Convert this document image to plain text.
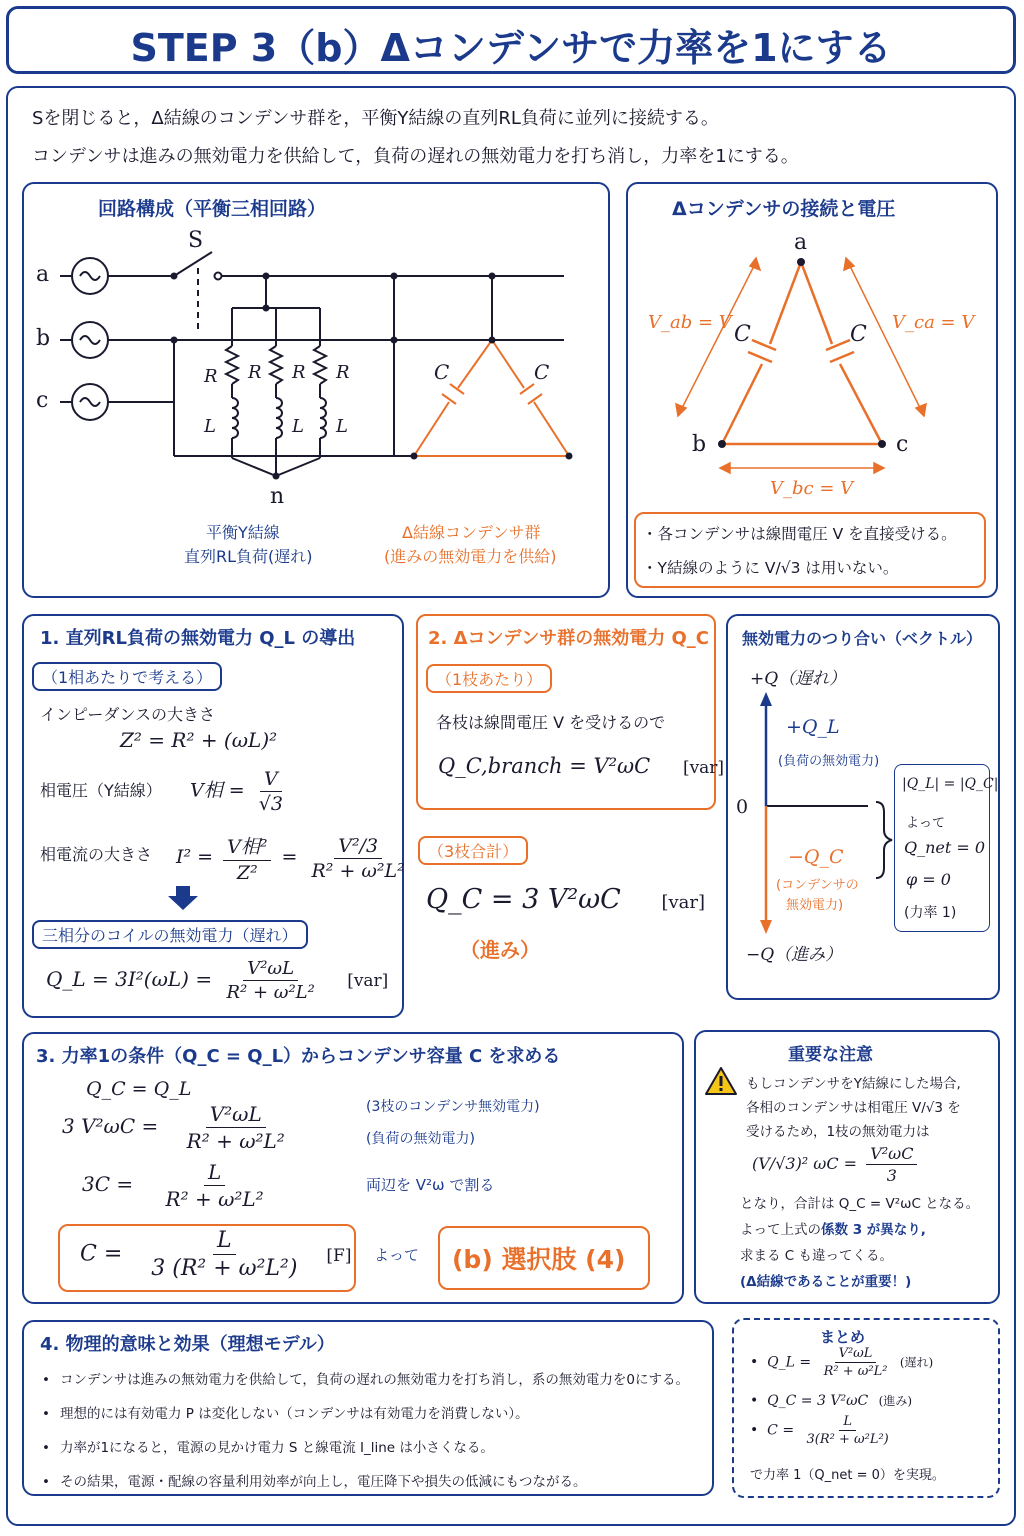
STEP 3（b）Δコンデンサで力率を1にする
Sを閉じると，Δ結線のコンデンサ群を，平衡Y結線の直列RL負荷に並列に接続する。
コンデンサは進みの無効電力を供給して，負荷の遅れの無効電力を打ち消し，力率を1にする。
回路構成（平衡三相回路）
S
a
b
c
R R R R
L	L L
n
C	C
平衡Y結線
直列RL負荷(遅れ)
Δ結線コンデンサ群
(進みの無効電力を供給)
Δコンデンサの接続と電圧
a
b	c
C	C
V_ab = V	V_ca = V
V_bc = V
・各コンデンサは線間電圧 V を直接受ける。
・Y結線のように V/√3 は用いない。
1. 直列RL負荷の無効電力 Q_L の導出
（1相あたりで考える）
インピーダンスの大きさ
Z² = R² + (ωL)²
相電圧（Y結線） V相 = $\frac{V}{√3}$
相電流の大きさ $I^2 = \frac{\text{V相²}}{\text{Z²}} = \frac{\text{V²/3}}{\text{R² + ω²L²}}$
三相分のコイルの無効電力（遅れ）
Q_L = $3I^2(\omega L) = \frac{\text{V²ωL}}{\text{R² + ω²L²}} [var]$
2. Δコンデンサ群の無効電力 Q_C
（1枝あたり）
各枝は線間電圧 V を受けるので
Q_C,branch = V²ωC [var]
（3枝合計）
Q_C = 3 V²ωC [var]
（進み）
無効電力のつり合い（ベクトル）
+Q（遅れ）
+Q_L
(負荷の無効電力)
0
−Q_C
(コンデンサの
無効電力)
−Q（進み）
|Q_L| = |Q_C|
よって
Q_net = 0
φ = 0
(力率 1)
3. 力率1の条件（Q_C = Q_L）からコンデンサ容量 C を求める
Q_C = Q_L
3 $V^2\omega C = \frac{\text{V²ωL}}{\text{R² + ω²L²}}$	(3枝のコンデンサ無効電力)
(負荷の無効電力)
$3C = \frac{L}{\text{R² + ω²L²}}$	両辺を V²ω で割る
$C = \frac{L}{\text{3 (R² + ω²L²)}} [F]$ よって (b) 選択肢 (4)
重要な注意
もしコンデンサをY結線にした場合,
各相のコンデンサは相電圧 V/√3 を
受けるため，1枝の無効電力は
(V/√3)² $\omega C = \frac{\text{V²ωC}}{3}$
となり，合計は Q_C = V²ωC となる。
よって上式の係数 3 が異なり,
求まる C も違ってくる。
(Δ結線であることが重要！)
4. 物理的意味と効果（理想モデル）
• コンデンサは進みの無効電力を供給して，負荷の遅れの無効電力を打ち消し，系の無効電力を0にする。
• 理想的には有効電力 P は変化しない（コンデンサは有効電力を消費しない）。
• 力率が1になると，電源の見かけ電力 S と線電流 I_line は小さくなる。
• その結果，電源・配線の容量利用効率が向上し，電圧降下や損失の低減にもつながる。
まとめ
•  Q_L = $\frac{\text{V²ωL}}{\text{R² + ω²L²}}$ (遅れ)
•  Q_C = 3 V²ωC (進み)
•  $C = \frac{L}{\text{3(R² + ω²L²)}}$
で力率 1（Q_net = 0）を実現。
